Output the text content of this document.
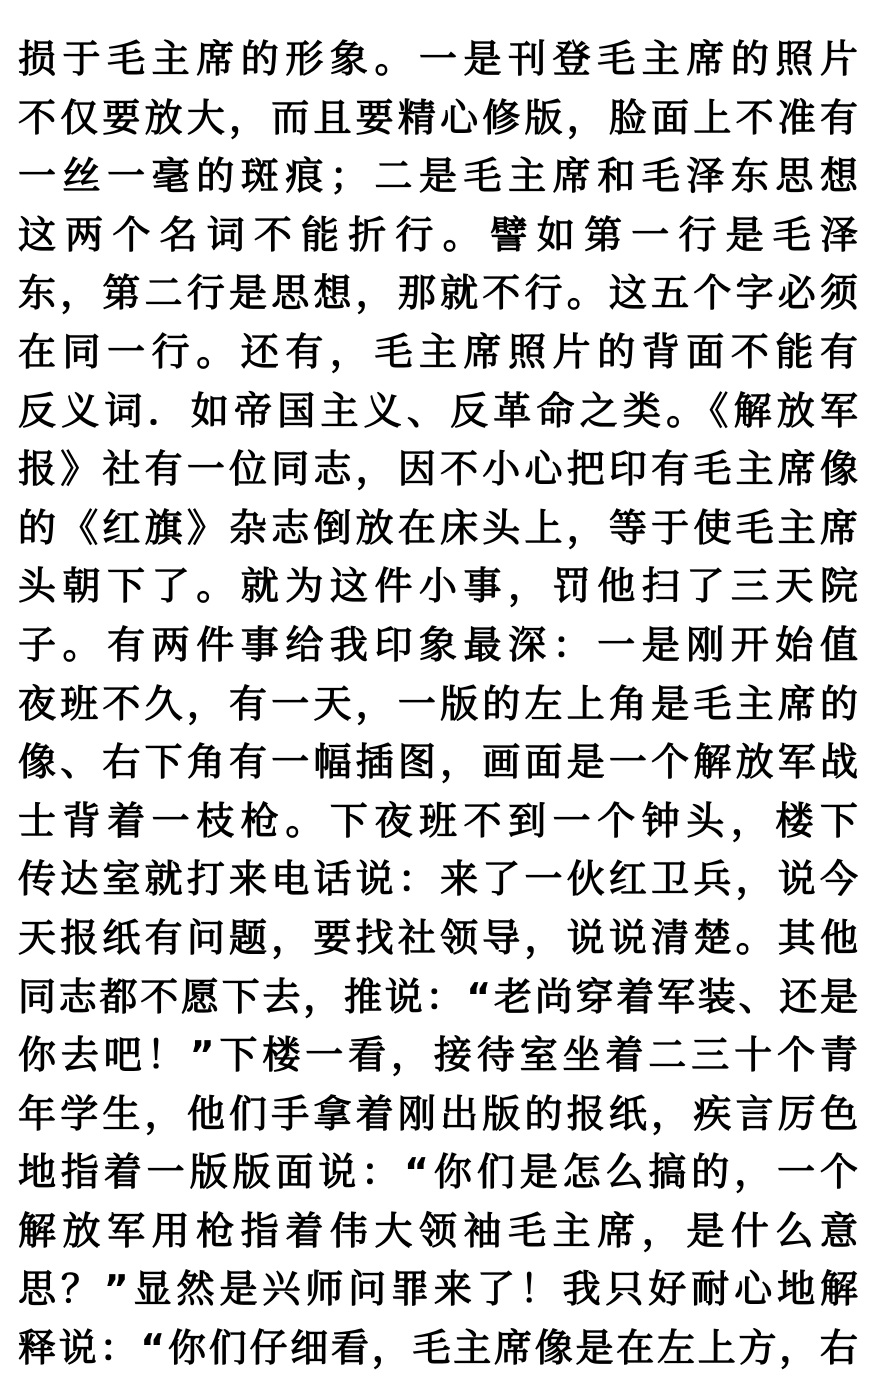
损于毛主席的形象。一是刊登毛主席的照片
不仅要放大，而且要精心修版，脸面上不准有
一丝一毫的斑痕；二是毛主席和毛泽东思想
这两个名词不能折行。譬如第一行是毛泽
东，第二行是思想，那就不行。这五个字必须
在同一行。还有，毛主席照片的背面不能有
反义词．如帝国主义、反革命之类。《解放军
报》社有一位同志，因不小心把印有毛主席像
的《红旗》杂志倒放在床头上，等于使毛主席
头朝下了。就为这件小事，罚他扫了三天院
子。有两件事给我印象最深：一是刚开始值
夜班不久，有一天，一版的左上角是毛主席的
像、右下角有一幅插图，画面是一个解放军战
士背着一枝枪。下夜班不到一个钟头，楼下
传达室就打来电话说：来了一伙红卫兵，说今
天报纸有问题，要找社领导，说说清楚。其他
同志都不愿下去，推说：“老尚穿着军装、还是
你去吧！”下楼一看，接待室坐着二三十个青
年学生，他们手拿着刚出版的报纸，疾言厉色
地指着一版版面说：“你们是怎么搞的，一个
解放军用枪指着伟大领袖毛主席，是什么意
思？”显然是兴师问罪来了！我只好耐心地解
释说：“你们仔细看，毛主席像是在左上方，右
